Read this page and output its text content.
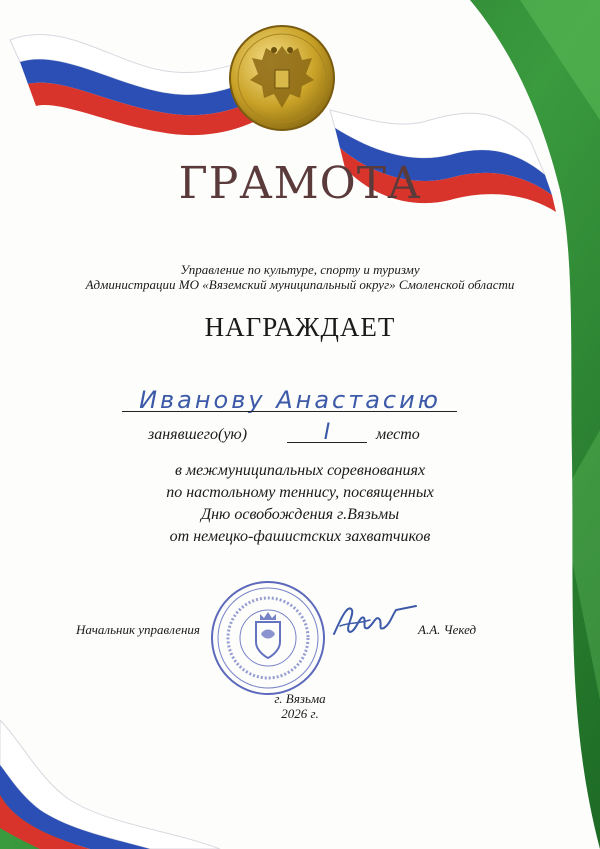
ГРАМОТА
Управление по культуре, спорту и туризму
Администрации МО «Вяземский муниципальный округ» Смоленской области
НАГРАЖДАЕТ
Ивановy Анастасию
занявшего(ую)	I	место
в межмуниципальных соревнованиях
по настольному теннису, посвященных
Дню освобождения г.Вязьмы
от немецко-фашистских захватчиков
Начальник управления	А.А. Чекед
г. Вязьма
2026 г.
